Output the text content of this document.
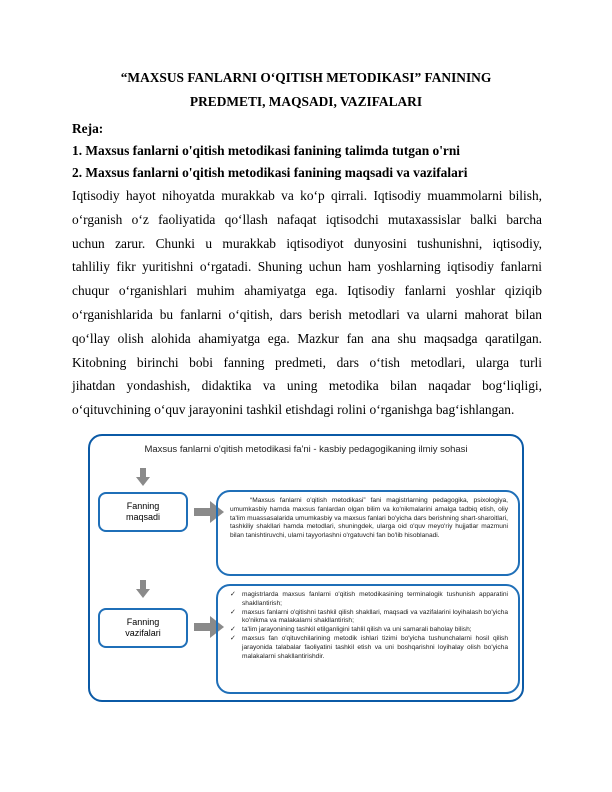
“MAXSUS FANLARNI O‘QITISH METODIKASI” FANINING
PREDMETI, MAQSADI, VAZIFALARI
Reja:
1. Maxsus fanlarni o'qitish metodikasi fanining talimda tutgan o'rni
2. Maxsus fanlarni o'qitish metodikasi fanining maqsadi va vazifalari
Iqtisodiy hayot nihoyatda murakkab va ko‘p qirrali. Iqtisodiy muammolarni bilish,
o‘rganish o‘z faoliyatida qo‘llash nafaqat iqtisodchi mutaxassislar balki barcha
uchun zarur. Chunki u murakkab iqtisodiyot dunyosini tushunishni, iqtisodiy,
tahliliy fikr yuritishni o‘rgatadi. Shuning uchun ham yoshlarning iqtisodiy fanlarni
chuqur o‘rganishlari muhim ahamiyatga ega. Iqtisodiy fanlarni yoshlar qiziqib
o‘rganishlarida bu fanlarni o‘qitish, dars berish metodlari va ularni mahorat bilan
qo‘llay olish alohida ahamiyatga ega. Mazkur fan ana shu maqsadga qaratilgan.
Kitobning birinchi bobi fanning predmeti, dars o‘tish metodlari, ularga turli
jihatdan yondashish, didaktika va uning metodika bilan naqadar bog‘liqligi,
o‘qituvchining o‘quv jarayonini tashkil etishdagi rolini o‘rganishga bag‘ishlangan.
Maxsus fanlarni o'qitish metodikasi fa'ni - kasbiy pedagogikaning ilmiy sohasi
Fanning
maqsadi
“Maxsus fanlarni o'qitish metodikasi” fani magistrlarning pedagogika, psixologiya, umumkasbiy hamda maxsus fanlardan olgan bilim va ko'nikmalarini amalga tadbiq etish, oliy ta'lim muassasalarida umumkasbiy va maxsus fanlari bo'yicha dars berishning shart-sharoitlari, tashkiliy shakllari hamda metodlari, shuningdek, ularga oid o'quv meyo'riy hujjatlar mazmuni bilan tanishtiruvchi, ularni tayyorlashni o'rgatuvchi fan bo'lib hisoblanadi.
Fanning
vazifalari
✓ magistrlarda maxsus fanlarni o'qitish metodikasining terminalogik tushunish apparatini shakllantirish;
✓ maxsus fanlarni o'qitishni tashkil qilish shakllari, maqsadi va vazifalarini loyihalash bo'yicha ko'nikma va malakalarni shakllantirish;
✓ ta'lim jarayonining tashkil etilganligini tahlil qilish va uni samarali baholay bilish;
✓ maxsus fan o'qituvchilarining metodik ishlari tizimi bo'yicha tushunchalarni hosil qilish jarayonida talabalar faoliyatini tashkil etish va uni boshqarishni loyihalay olish bo'yicha malakalarni shakllantirishdir.
